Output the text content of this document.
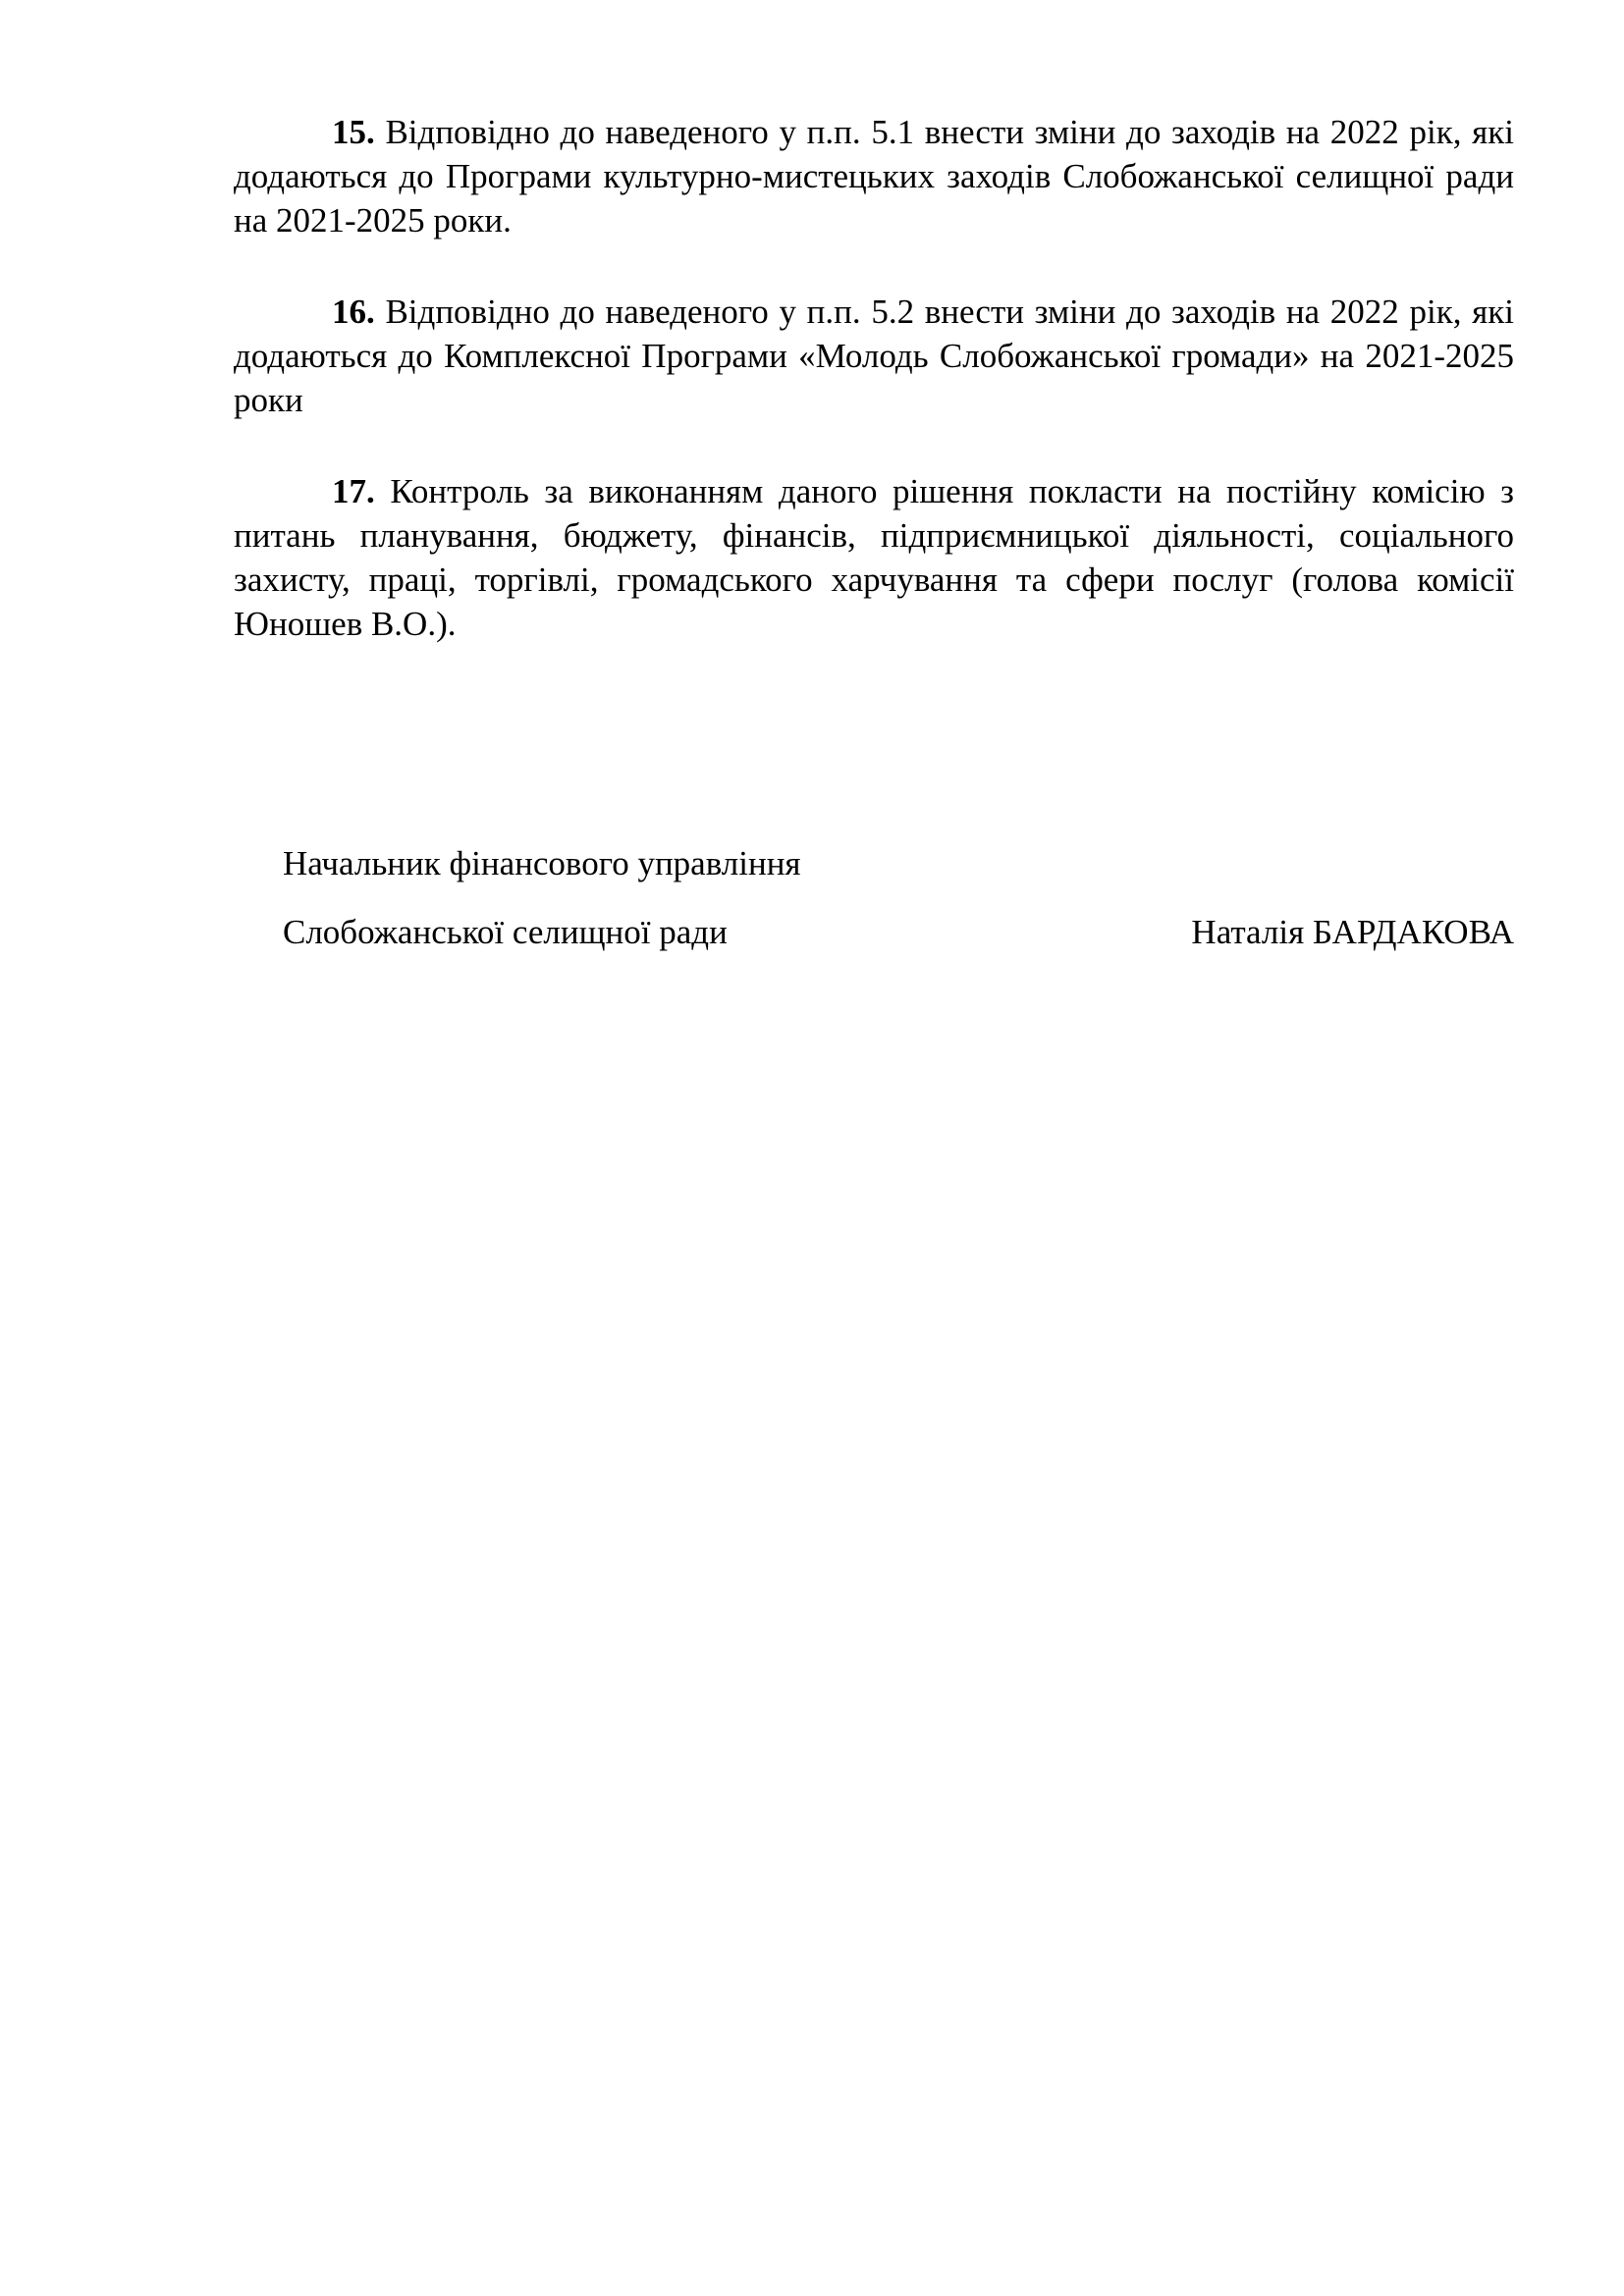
15. Відповідно до наведеного у п.п. 5.1 внести зміни до заходів на 2022 рік, які додаються до Програми культурно-мистецьких заходів Слобожанської селищної ради на 2021-2025 роки.

16. Відповідно до наведеного у п.п. 5.2 внести зміни до заходів на 2022 рік, які додаються до Комплексної Програми «Молодь Слобожанської громади» на 2021-2025 роки

17. Контроль за виконанням даного рішення покласти на постійну комісію з питань планування, бюджету, фінансів, підприємницької діяльності, соціального захисту, праці, торгівлі, громадського харчування та сфери послуг (голова комісії Юношев В.О.).

Начальник фінансового управління
Слобожанської селищної ради	Наталія БАРДАКОВА
